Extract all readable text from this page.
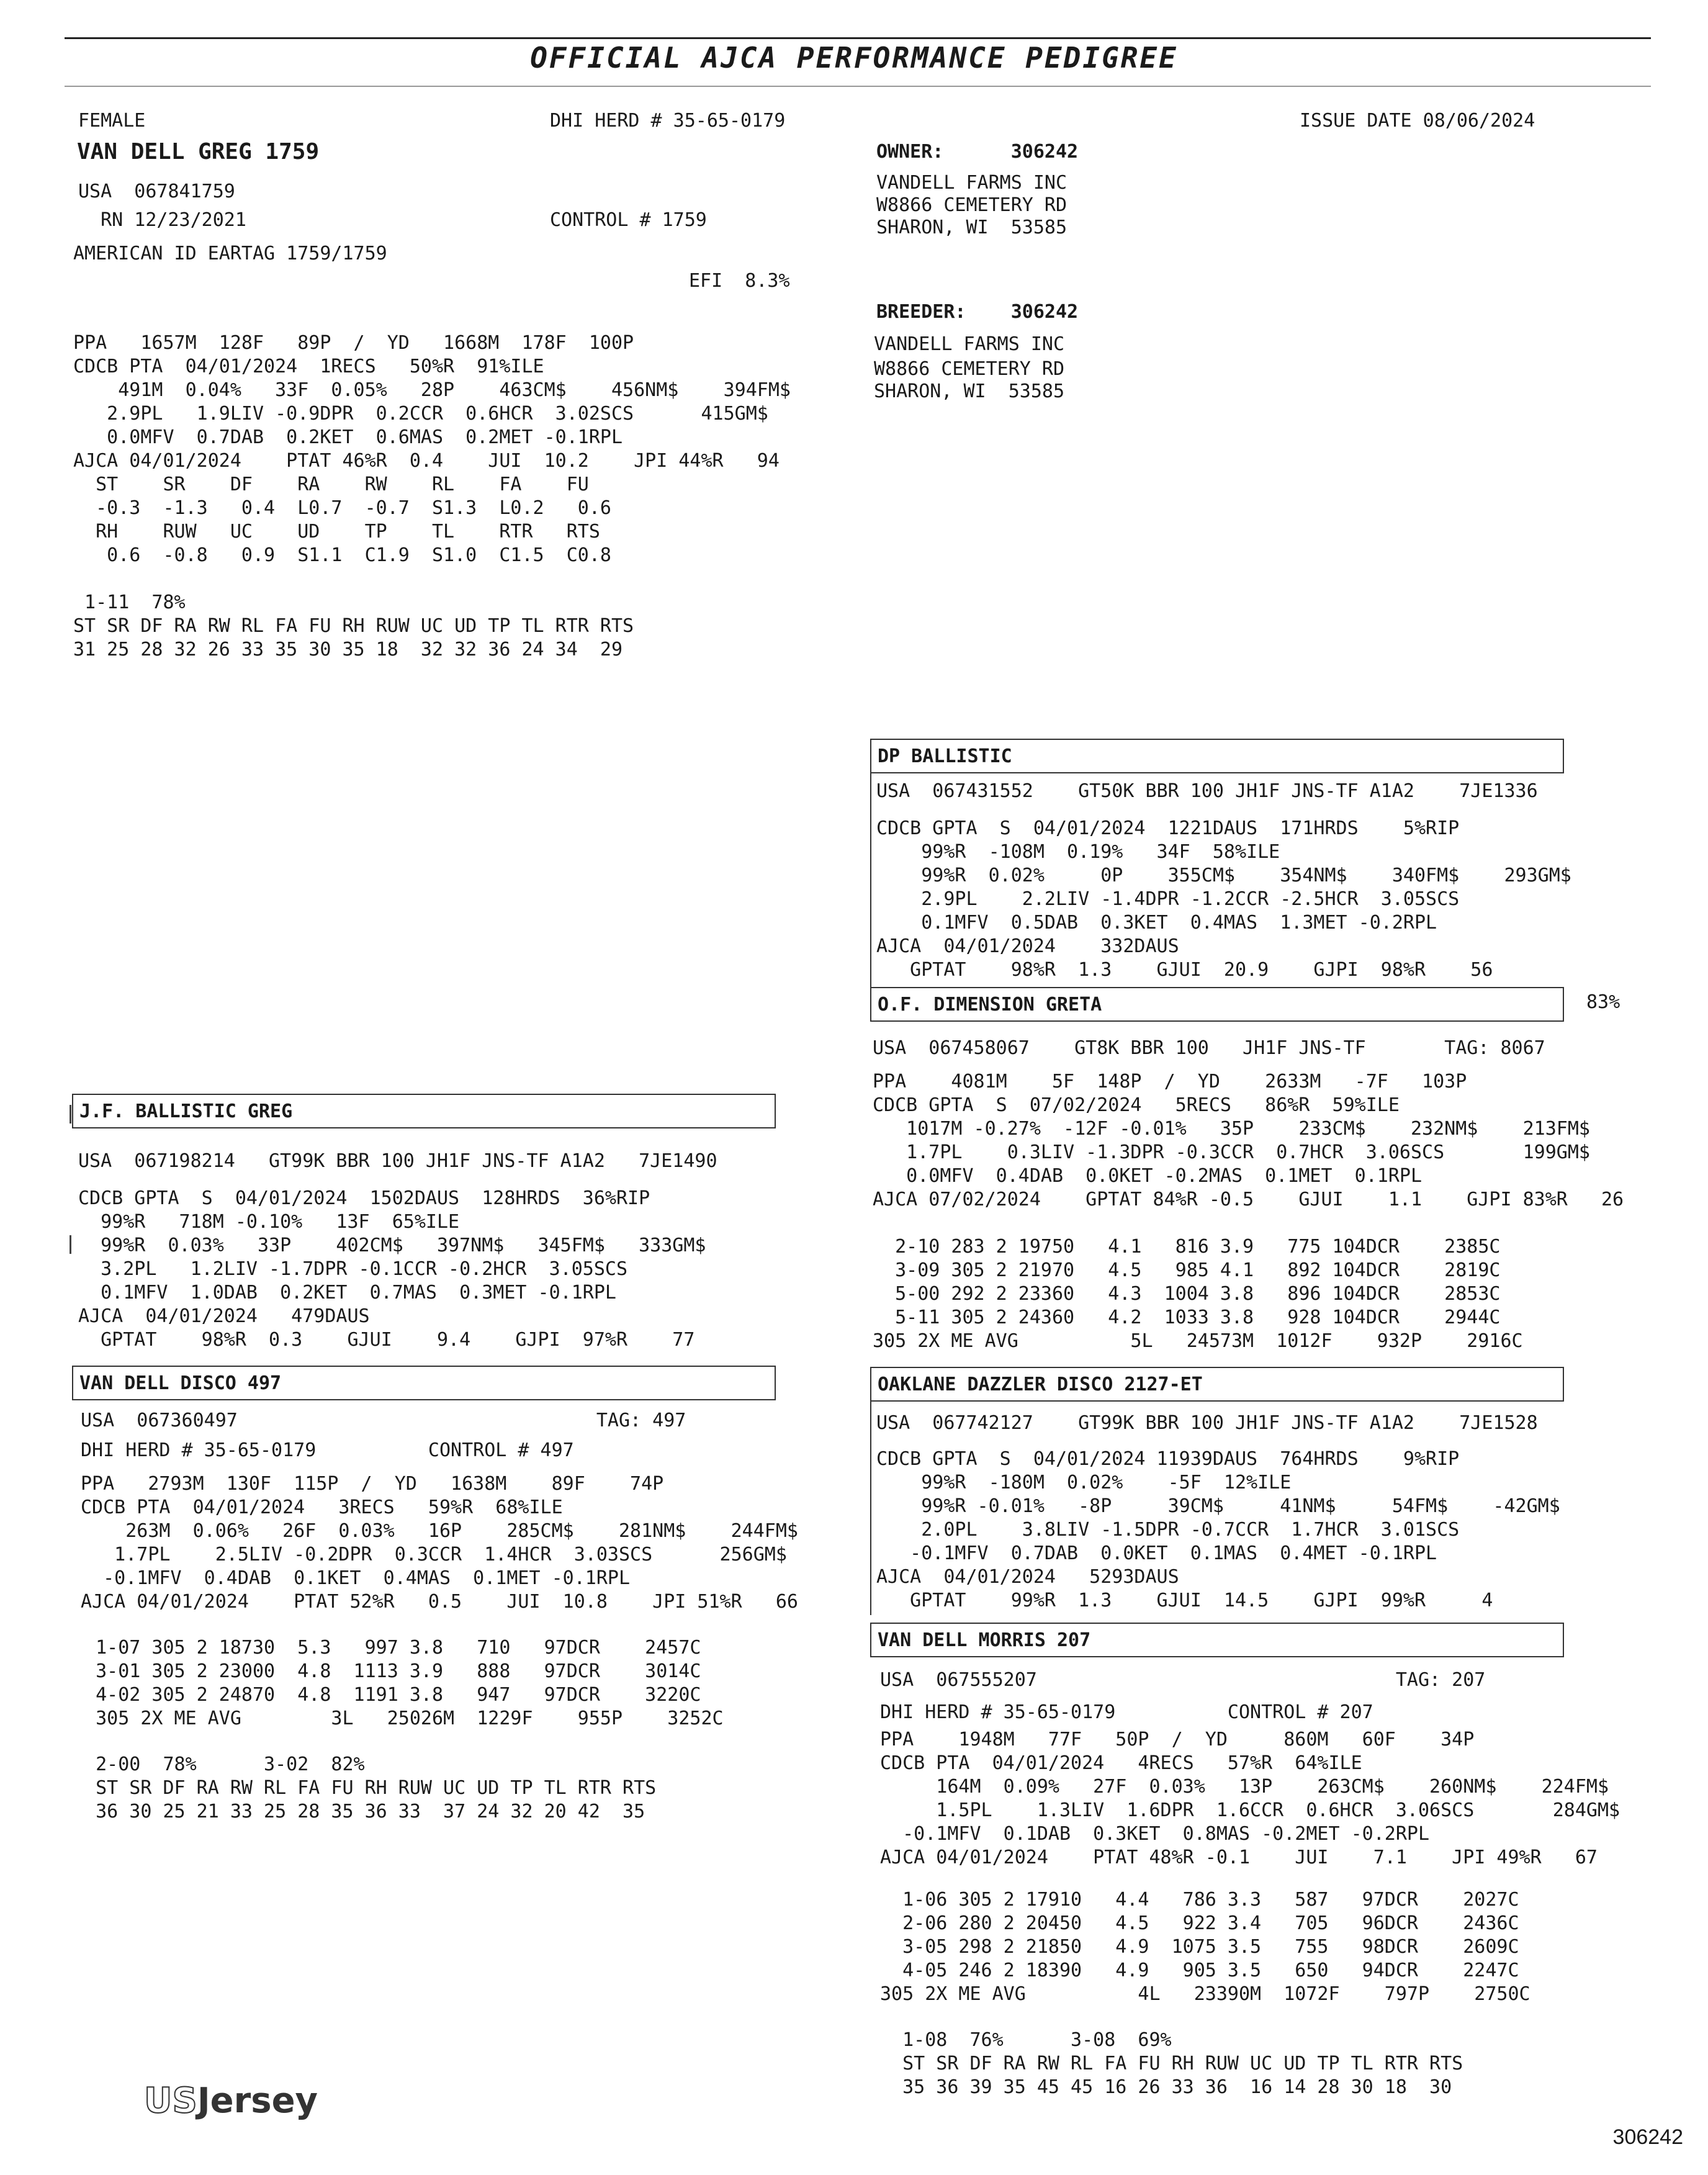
OFFICIAL AJCA PERFORMANCE PEDIGREE
FEMALE
VAN DELL GREG 1759
USA  067841759
RN 12/23/2021
AMERICAN ID EARTAG 1759/1759
DHI HERD # 35-65-0179
CONTROL # 1759
EFI  8.3%
ISSUE DATE 08/06/2024
OWNER:      306242
VANDELL FARMS INC
W8866 CEMETERY RD
SHARON, WI  53585
BREEDER:    306242
VANDELL FARMS INC
W8866 CEMETERY RD
SHARON, WI  53585
PPA   1657M  128F   89P  /  YD   1668M  178F  100P
CDCB PTA  04/01/2024  1RECS   50%R  91%ILE
491M  0.04%   33F  0.05%   28P    463CM$    456NM$    394FM$
2.9PL   1.9LIV -0.9DPR  0.2CCR  0.6HCR  3.02SCS      415GM$
0.0MFV  0.7DAB  0.2KET  0.6MAS  0.2MET -0.1RPL
AJCA 04/01/2024    PTAT 46%R  0.4    JUI  10.2    JPI 44%R   94
ST    SR    DF    RA    RW    RL    FA    FU
-0.3  -1.3   0.4  L0.7  -0.7  S1.3  L0.2   0.6
RH    RUW   UC    UD    TP    TL    RTR   RTS
0.6  -0.8   0.9  S1.1  C1.9  S1.0  C1.5  C0.8
1-11  78%
ST SR DF RA RW RL FA FU RH RUW UC UD TP TL RTR RTS
31 25 28 32 26 33 35 30 35 18  32 32 36 24 34  29
J.F. BALLISTIC GREG
USA  067198214   GT99K BBR 100 JH1F JNS-TF A1A2   7JE1490
CDCB GPTA  S  04/01/2024  1502DAUS  128HRDS  36%RIP
99%R   718M -0.10%   13F  65%ILE
99%R  0.03%   33P    402CM$   397NM$   345FM$   333GM$
3.2PL   1.2LIV -1.7DPR -0.1CCR -0.2HCR  3.05SCS
0.1MFV  1.0DAB  0.2KET  0.7MAS  0.3MET -0.1RPL
AJCA  04/01/2024   479DAUS
GPTAT    98%R  0.3    GJUI    9.4    GJPI  97%R    77
VAN DELL DISCO 497
USA  067360497                                TAG: 497
DHI HERD # 35-65-0179          CONTROL # 497
PPA   2793M  130F  115P  /  YD   1638M    89F    74P
CDCB PTA  04/01/2024   3RECS   59%R  68%ILE
263M  0.06%   26F  0.03%   16P    285CM$    281NM$    244FM$
1.7PL    2.5LIV -0.2DPR  0.3CCR  1.4HCR  3.03SCS      256GM$
-0.1MFV  0.4DAB  0.1KET  0.4MAS  0.1MET -0.1RPL
AJCA 04/01/2024    PTAT 52%R   0.5    JUI  10.8    JPI 51%R   66
1-07 305 2 18730  5.3   997 3.8   710   97DCR    2457C
3-01 305 2 23000  4.8  1113 3.9   888   97DCR    3014C
4-02 305 2 24870  4.8  1191 3.8   947   97DCR    3220C
305 2X ME AVG        3L   25026M  1229F    955P    3252C
2-00  78%      3-02  82%
ST SR DF RA RW RL FA FU RH RUW UC UD TP TL RTR RTS
36 30 25 21 33 25 28 35 36 33  37 24 32 20 42  35
DP BALLISTIC
USA  067431552    GT50K BBR 100 JH1F JNS-TF A1A2    7JE1336
CDCB GPTA  S  04/01/2024  1221DAUS  171HRDS    5%RIP
99%R  -108M  0.19%   34F  58%ILE
99%R  0.02%     0P    355CM$    354NM$    340FM$    293GM$
2.9PL    2.2LIV -1.4DPR -1.2CCR -2.5HCR  3.05SCS
0.1MFV  0.5DAB  0.3KET  0.4MAS  1.3MET -0.2RPL
AJCA  04/01/2024    332DAUS
GPTAT    98%R  1.3    GJUI  20.9    GJPI  98%R    56
O.F. DIMENSION GRETA	83%
USA  067458067    GT8K BBR 100   JH1F JNS-TF       TAG: 8067
PPA    4081M    5F  148P  /  YD    2633M   -7F   103P
CDCB GPTA  S  07/02/2024   5RECS   86%R  59%ILE
1017M -0.27%  -12F -0.01%   35P    233CM$    232NM$    213FM$
1.7PL    0.3LIV -1.3DPR -0.3CCR  0.7HCR  3.06SCS       199GM$
0.0MFV  0.4DAB  0.0KET -0.2MAS  0.1MET  0.1RPL
AJCA 07/02/2024    GPTAT 84%R -0.5    GJUI    1.1    GJPI 83%R   26
2-10 283 2 19750   4.1   816 3.9   775 104DCR    2385C
3-09 305 2 21970   4.5   985 4.1   892 104DCR    2819C
5-00 292 2 23360   4.3  1004 3.8   896 104DCR    2853C
5-11 305 2 24360   4.2  1033 3.8   928 104DCR    2944C
305 2X ME AVG          5L   24573M  1012F    932P    2916C
OAKLANE DAZZLER DISCO 2127-ET
USA  067742127    GT99K BBR 100 JH1F JNS-TF A1A2    7JE1528
CDCB GPTA  S  04/01/2024 11939DAUS  764HRDS    9%RIP
99%R  -180M  0.02%    -5F  12%ILE
99%R -0.01%   -8P     39CM$     41NM$     54FM$    -42GM$
2.0PL    3.8LIV -1.5DPR -0.7CCR  1.7HCR  3.01SCS
-0.1MFV  0.7DAB  0.0KET  0.1MAS  0.4MET -0.1RPL
AJCA  04/01/2024   5293DAUS
GPTAT    99%R  1.3    GJUI  14.5    GJPI  99%R     4
VAN DELL MORRIS 207
USA  067555207                                TAG: 207
DHI HERD # 35-65-0179          CONTROL # 207
PPA    1948M   77F   50P  /  YD     860M   60F    34P
CDCB PTA  04/01/2024   4RECS   57%R  64%ILE
164M  0.09%   27F  0.03%   13P    263CM$    260NM$    224FM$
1.5PL    1.3LIV  1.6DPR  1.6CCR  0.6HCR  3.06SCS       284GM$
-0.1MFV  0.1DAB  0.3KET  0.8MAS -0.2MET -0.2RPL
AJCA 04/01/2024    PTAT 48%R -0.1    JUI    7.1    JPI 49%R   67
1-06 305 2 17910   4.4   786 3.3   587   97DCR    2027C
2-06 280 2 20450   4.5   922 3.4   705   96DCR    2436C
3-05 298 2 21850   4.9  1075 3.5   755   98DCR    2609C
4-05 246 2 18390   4.9   905 3.5   650   94DCR    2247C
305 2X ME AVG          4L   23390M  1072F    797P    2750C
1-08  76%      3-08  69%
ST SR DF RA RW RL FA FU RH RUW UC UD TP TL RTR RTS
35 36 39 35 45 45 16 26 33 36  16 14 28 30 18  30
USJersey
306242
